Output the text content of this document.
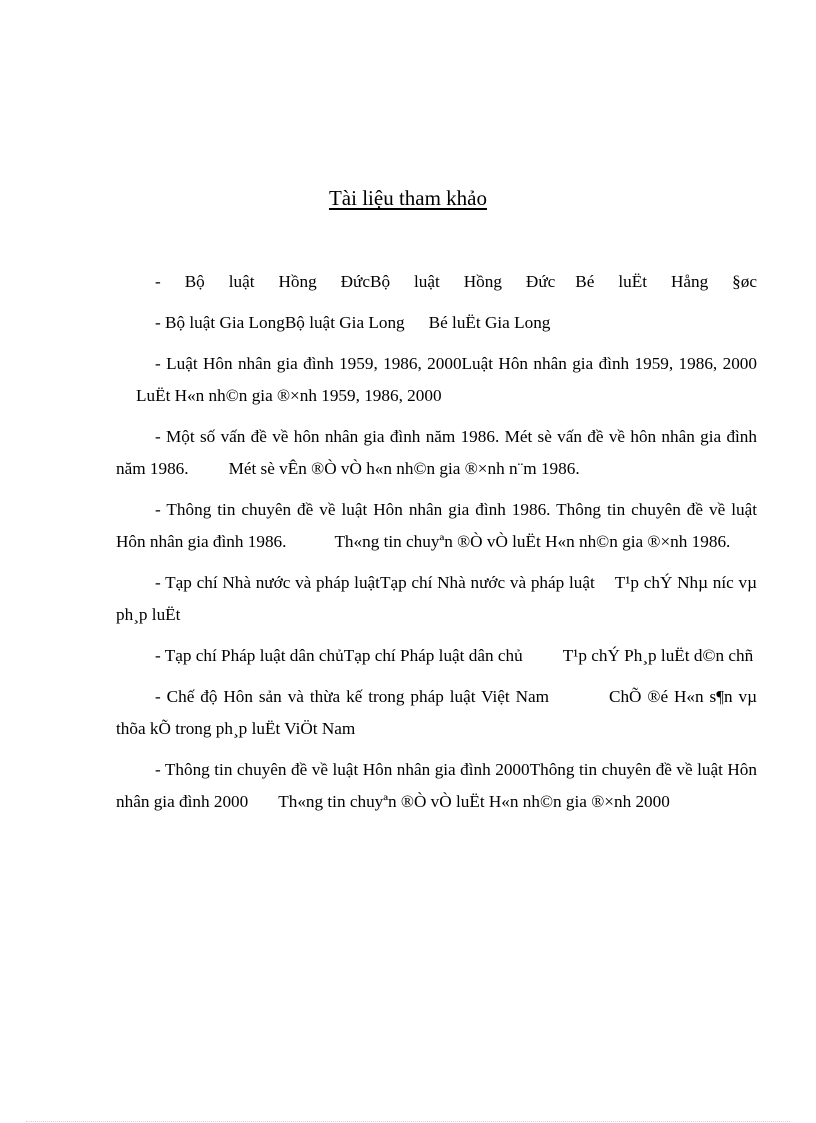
Tài liệu tham khảo

- Bộ luật Hồng ĐứcBộ luật Hồng Đức Bé luËt Hång §øc

- Bộ luật Gia LongBộ luật Gia Long Bé luËt Gia Long

- Luật Hôn nhân gia đình 1959, 1986, 2000Luật Hôn nhân gia đình 1959, 1986, 2000LuËt H«n nh©n gia ®×nh 1959, 1986, 2000

- Một số vấn đề về hôn nhân gia đình năm 1986. Mét sè vấn đề về hôn nhân gia đình năm 1986. Mét sè vÊn ®Ò vÒ h«n nh©n gia ®×nh n¨m 1986.

- Thông tin chuyên đề về luật Hôn nhân gia đình 1986. Thông tin chuyên đề về luật Hôn nhân gia đình 1986.	Th«ng tin chuyªn ®Ò vÒ luËt H«n nh©n gia ®×nh 1986.

- Tạp chí Nhà nước và pháp luậtTạp chí Nhà nước và pháp luật T¹p chÝ Nhµ níc vµ ph¸p luËt

- Tạp chí Pháp luật dân chủTạp chí Pháp luật dân chủ T¹p chÝ Ph¸p luËt d©n chñ

- Chế độ Hôn sản và thừa kế trong pháp luật Việt Nam	ChÕ ®é H«n s¶n vµ thõa kÕ trong ph¸p luËt ViÖt Nam

- Thông tin chuyên đề về luật Hôn nhân gia đình 2000Thông tin chuyên đề về luật Hôn nhân gia đình 2000 Th«ng tin chuyªn ®Ò vÒ luËt H«n nh©n gia ®×nh 2000
